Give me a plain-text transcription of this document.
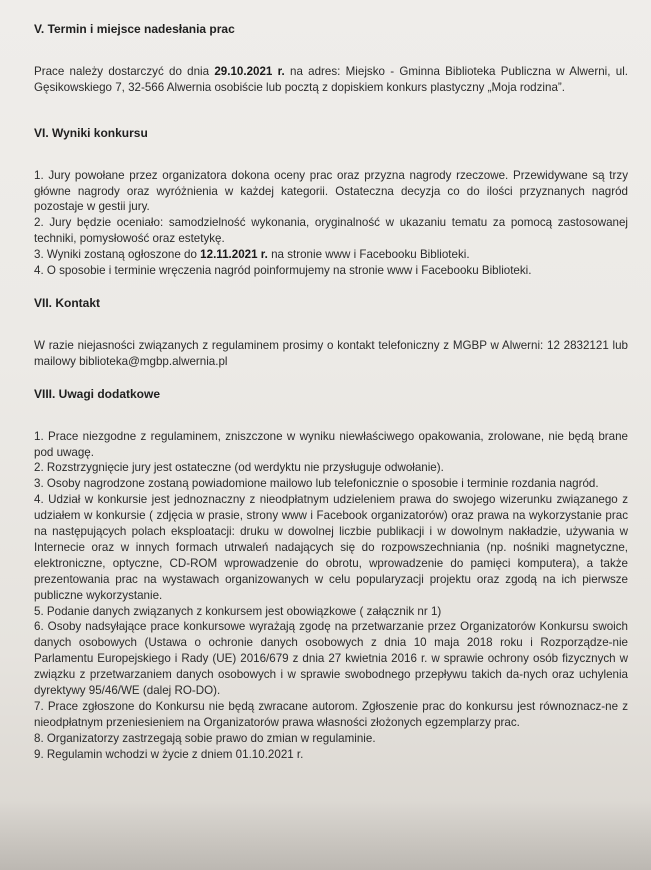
V. Termin i miejsce nadesłania prac

Prace należy dostarczyć do dnia 29.10.2021 r. na adres: Miejsko - Gminna Biblioteka Publiczna w Alwerni, ul. Gęsikowskiego 7, 32-566 Alwernia osobiście lub pocztą z dopiskiem konkurs plastyczny „Moja rodzina”.

VI. Wyniki konkursu

1. Jury powołane przez organizatora dokona oceny prac oraz przyzna nagrody rzeczowe. Przewidywane są trzy główne nagrody oraz wyróżnienia w każdej kategorii. Ostateczna decyzja co do ilości przyznanych nagród pozostaje w gestii jury.

2. Jury będzie oceniało: samodzielność wykonania, oryginalność w ukazaniu tematu za pomocą zastosowanej techniki, pomysłowość oraz estetykę.

3. Wyniki zostaną ogłoszone do 12.11.2021 r. na stronie www i Facebooku Biblioteki.

4. O sposobie i terminie wręczenia nagród poinformujemy na stronie www i Facebooku Biblioteki.

VII. Kontakt

W razie niejasności związanych z regulaminem prosimy o kontakt telefoniczny z MGBP w Alwerni: 12 2832121 lub mailowy biblioteka@mgbp.alwernia.pl

VIII. Uwagi dodatkowe

1. Prace niezgodne z regulaminem, zniszczone w wyniku niewłaściwego opakowania, zrolowane, nie będą brane pod uwagę.

2. Rozstrzygnięcie jury jest ostateczne (od werdyktu nie przysługuje odwołanie).

3. Osoby nagrodzone zostaną powiadomione mailowo lub telefonicznie o sposobie i terminie rozdania nagród.

4. Udział w konkursie jest jednoznaczny z nieodpłatnym udzieleniem prawa do swojego wizerunku związanego z udziałem w konkursie ( zdjęcia w prasie, strony www i Facebook organizatorów) oraz prawa na wykorzystanie prac na następujących polach eksploatacji: druku w dowolnej liczbie publikacji i w dowolnym nakładzie, używania w Internecie oraz w innych formach utrwaleń nadających się do rozpowszechniania (np. nośniki magnetyczne, elektroniczne, optyczne, CD-ROM wprowadzenie do obrotu, wprowadzenie do pamięci komputera), a także prezentowania prac na wystawach organizowanych w celu popularyzacji projektu oraz zgodą na ich pierwsze publiczne wykorzystanie.

5. Podanie danych związanych z konkursem jest obowiązkowe ( załącznik nr 1)

6. Osoby nadsyłające prace konkursowe wyrażają zgodę na przetwarzanie przez Organizatorów Konkursu swoich danych osobowych (Ustawa o ochronie danych osobowych z dnia 10 maja 2018 roku i Rozporządze-nie Parlamentu Europejskiego i Rady (UE) 2016/679 z dnia 27 kwietnia 2016 r. w sprawie ochrony osób fizycznych w związku z przetwarzaniem danych osobowych i w sprawie swobodnego przepływu takich da-nych oraz uchylenia dyrektywy 95/46/WE (dalej RO-DO).

7. Prace zgłoszone do Konkursu nie będą zwracane autorom. Zgłoszenie prac do konkursu jest równoznacz-ne z nieodpłatnym przeniesieniem na Organizatorów prawa własności złożonych egzemplarzy prac.

8. Organizatorzy zastrzegają sobie prawo do zmian w regulaminie.

9. Regulamin wchodzi w życie z dniem 01.10.2021 r.
